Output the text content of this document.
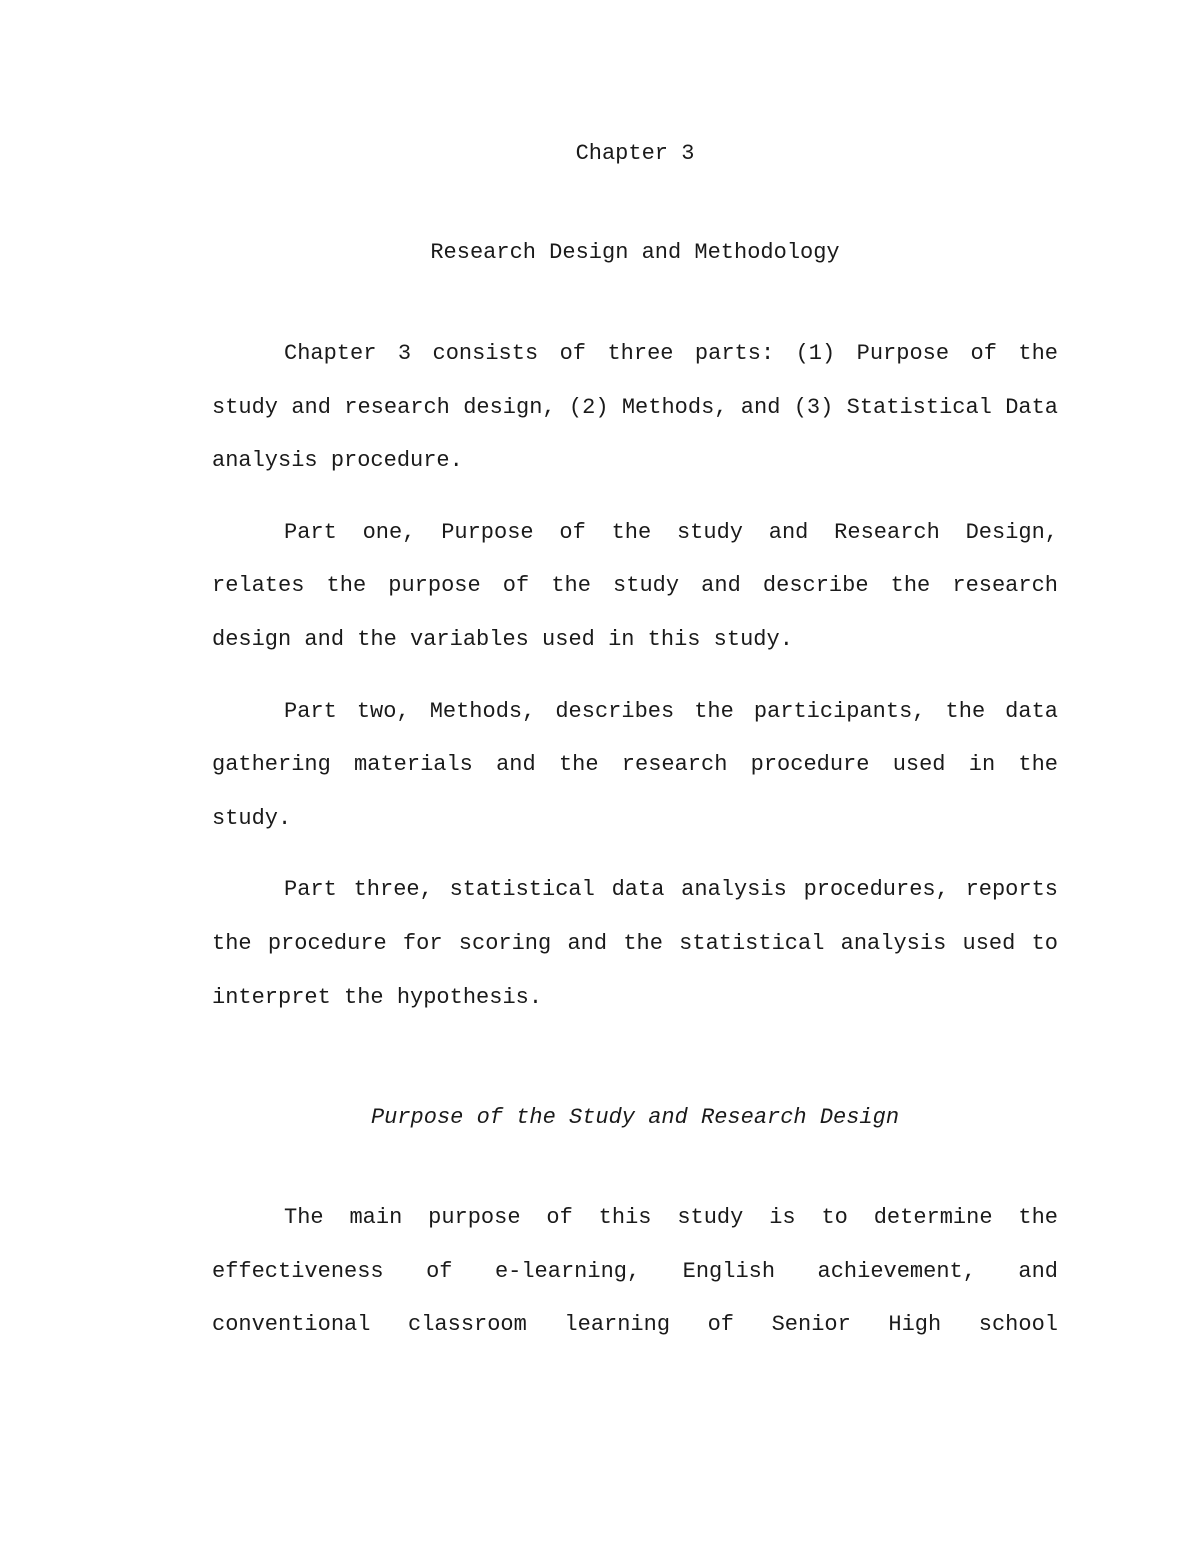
Chapter 3

Research Design and Methodology

Chapter 3 consists of three parts: (1) Purpose of the study and research design, (2) Methods, and (3) Statistical Data analysis procedure.

Part one, Purpose of the study and Research Design, relates the purpose of the study and describe the research design and the variables used in this study.

Part two, Methods, describes the participants, the data gathering materials and the research procedure used in the study.

Part three, statistical data analysis procedures, reports the procedure for scoring and the statistical analysis used to interpret the hypothesis.

Purpose of the Study and Research Design

The main purpose of this study is to determine the effectiveness of e-learning, English achievement, and conventional classroom learning of Senior High school
